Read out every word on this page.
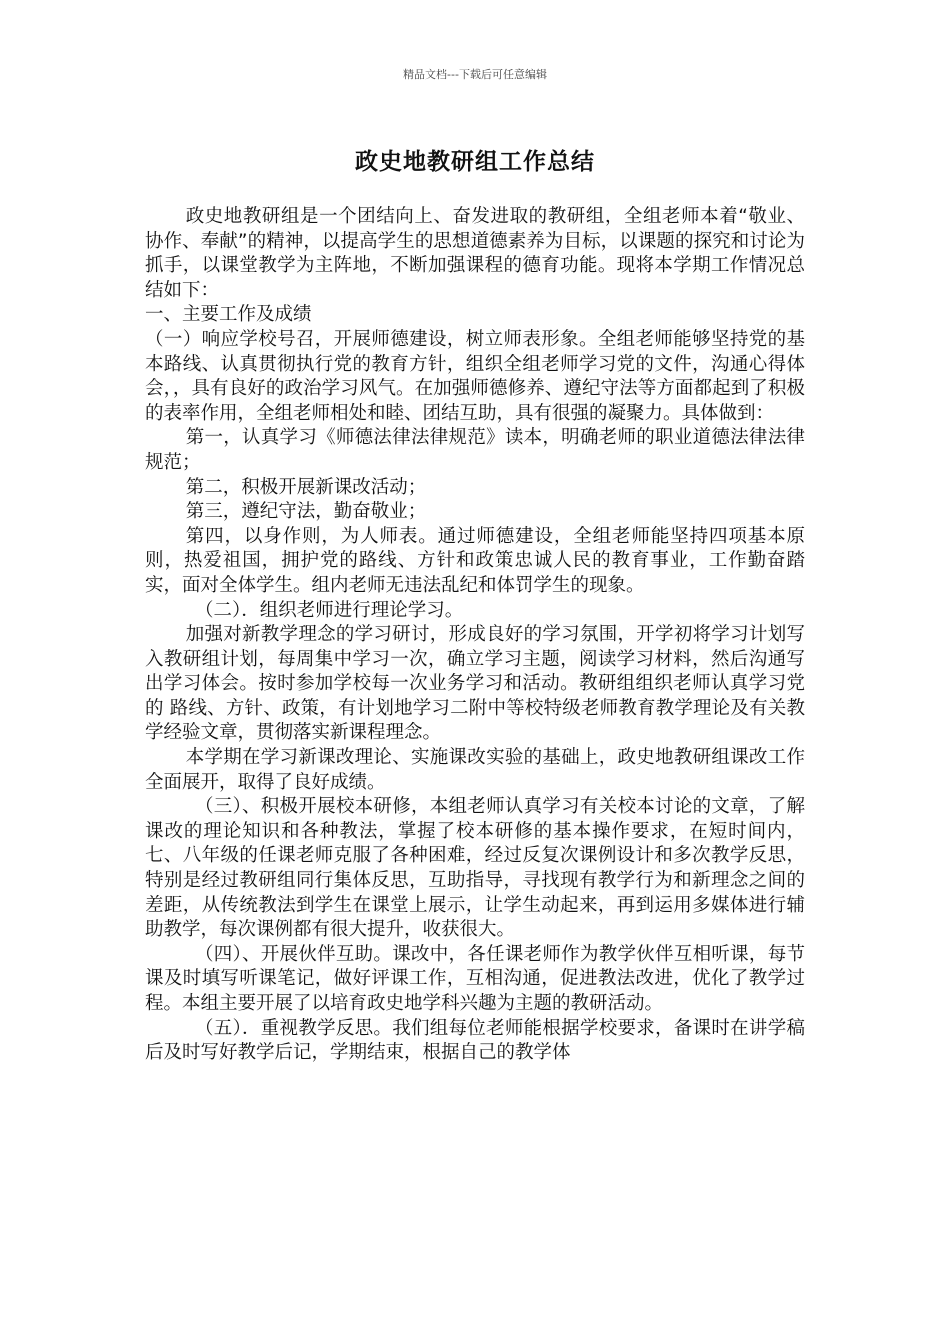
精品文档---下载后可任意编辑
政史地教研组工作总结

政史地教研组是一个团结向上、奋发进取的教研组，全组老师本着“敬业、协作、奉献”的精神，以提高学生的思想道德素养为目标，以课题的探究和讨论为抓手，以课堂教学为主阵地，不断加强课程的德育功能。现将本学期工作情况总结如下：

一、主要工作及成绩

（一）响应学校号召，开展师德建设，树立师表形象。全组老师能够坚持党的基本路线、认真贯彻执行党的教育方针，组织全组老师学习党的文件，沟通心得体会，，具有良好的政治学习风气。在加强师德修养、遵纪守法等方面都起到了积极的表率作用，全组老师相处和睦、团结互助，具有很强的凝聚力。具体做到：

第一，认真学习《师德法律法律规范》读本，明确老师的职业道德法律法律规范；

第二，积极开展新课改活动；

第三，遵纪守法，勤奋敬业；

第四，以身作则，为人师表。通过师德建设，全组老师能坚持四项基本原则，热爱祖国，拥护党的路线、方针和政策忠诚人民的教育事业，工作勤奋踏实，面对全体学生。组内老师无违法乱纪和体罚学生的现象。

（二）．组织老师进行理论学习。

加强对新教学理念的学习研讨，形成良好的学习氛围，开学初将学习计划写入教研组计划，每周集中学习一次，确立学习主题，阅读学习材料，然后沟通写出学习体会。按时参加学校每一次业务学习和活动。教研组组织老师认真学习党的 路线、方针、政策，有计划地学习二附中等校特级老师教育教学理论及有关教学经验文章，贯彻落实新课程理念。

本学期在学习新课改理论、实施课改实验的基础上，政史地教研组课改工作全面展开，取得了良好成绩。

（三）、积极开展校本研修，本组老师认真学习有关校本讨论的文章，了解课改的理论知识和各种教法，掌握了校本研修的基本操作要求，在短时间内，七、八年级的任课老师克服了各种困难，经过反复次课例设计和多次教学反思，特别是经过教研组同行集体反思，互助指导，寻找现有教学行为和新理念之间的差距，从传统教法到学生在课堂上展示，让学生动起来，再到运用多媒体进行辅助教学，每次课例都有很大提升，收获很大。

（四）、开展伙伴互助。课改中，各任课老师作为教学伙伴互相听课，每节课及时填写听课笔记，做好评课工作，互相沟通，促进教法改进，优化了教学过程。本组主要开展了以培育政史地学科兴趣为主题的教研活动。

（五）．重视教学反思。我们组每位老师能根据学校要求，备课时在讲学稿后及时写好教学后记，学期结束，根据自己的教学体
